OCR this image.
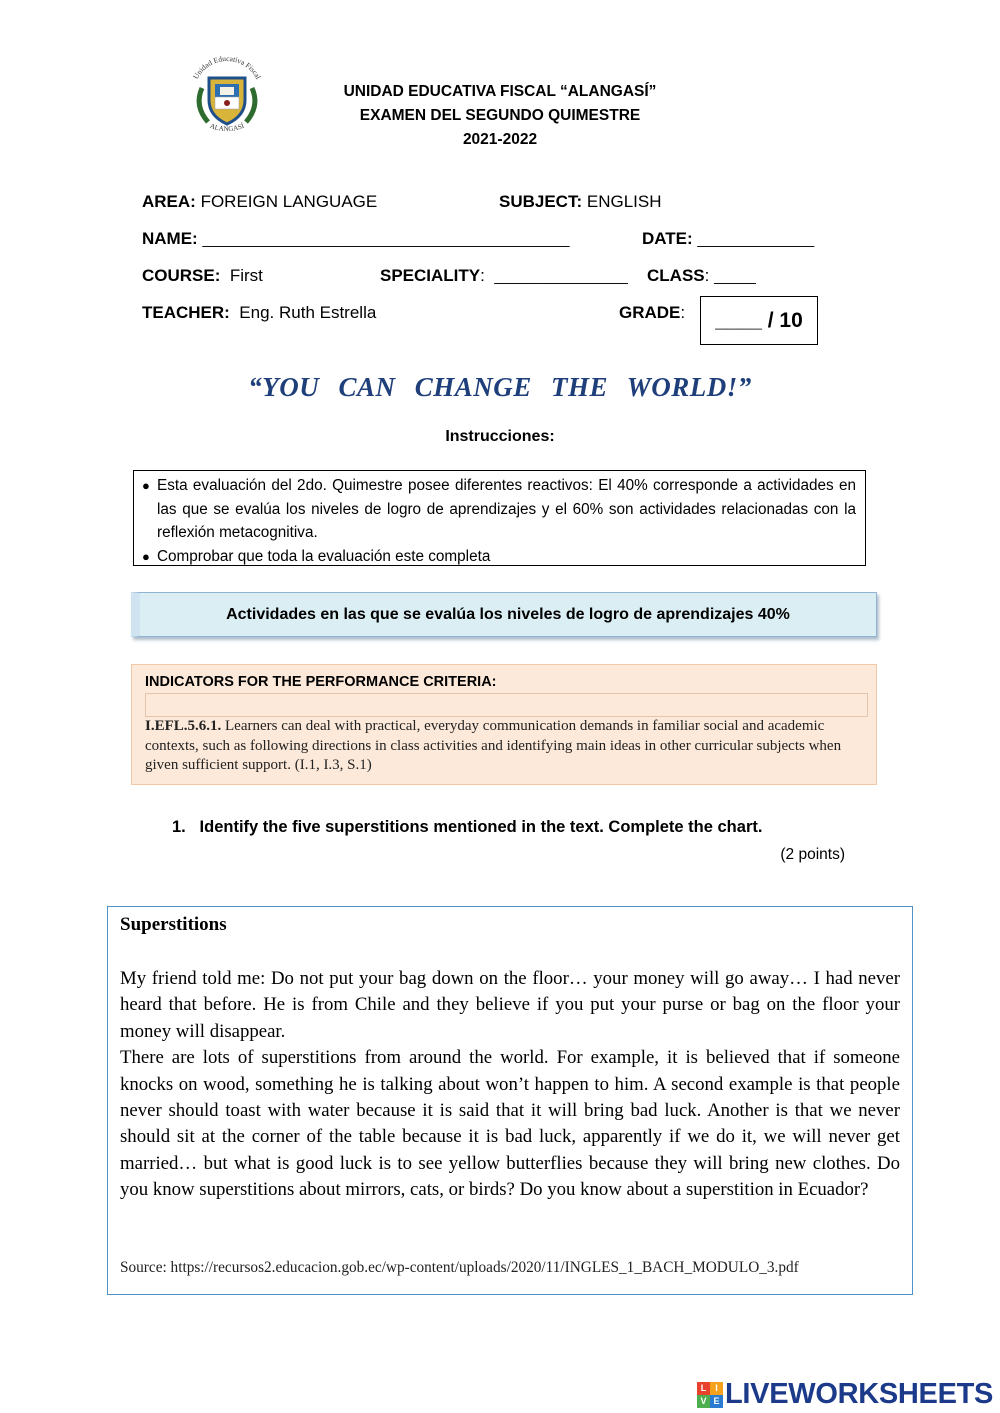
Unidad Educativa Fiscal
ALANGASÍ
UNIDAD EDUCATIVA FISCAL “ALANGASÍ”
EXAMEN DEL SEGUNDO QUIMESTRE
2021-2022
AREA: FOREIGN LANGUAGE	SUBJECT: ENGLISH
NAME: ____________________________________________	DATE: ______________
COURSE: First	SPECIALITY: ________________ CLASS: _____
TEACHER: Eng. Ruth Estrella	GRADE:	____ / 10
“YOU CAN CHANGE THE WORLD!”
Instrucciones:
● Esta evaluación del 2do. Quimestre posee diferentes reactivos: El 40% corresponde a actividades en las que se evalúa los niveles de logro de aprendizajes y el 60% son actividades relacionadas con la reflexión metacognitiva.
● Comprobar que toda la evaluación este completa
Actividades en las que se evalúa los niveles de logro de aprendizajes 40%
INDICATORS FOR THE PERFORMANCE CRITERIA:
I.EFL.5.6.1. Learners can deal with practical, everyday communication demands in familiar social and academic contexts, such as following directions in class activities and identifying main ideas in other curricular subjects when given sufficient support. (I.1, I.3, S.1)
1. Identify the five superstitions mentioned in the text. Complete the chart.
(2 points)
Superstitions

My friend told me: Do not put your bag down on the floor… your money will go away… I had never heard that before. He is from Chile and they believe if you put your purse or bag on the floor your money will disappear.

There are lots of superstitions from around the world. For example, it is believed that if someone knocks on wood, something he is talking about won’t happen to him. A second example is that people never should toast with water because it is said that it will bring bad luck. Another is that we never should sit at the corner of the table because it is bad luck, apparently if we do it, we will never get married… but what is good luck is to see yellow butterflies because they will bring new clothes. Do you know superstitions about mirrors, cats, or birds? Do you know about a superstition in Ecuador?

Source: https://recursos2.educacion.gob.ec/wp-content/uploads/2020/11/INGLES_1_BACH_MODULO_3.pdf
L I
V E LIVEWORKSHEETS
